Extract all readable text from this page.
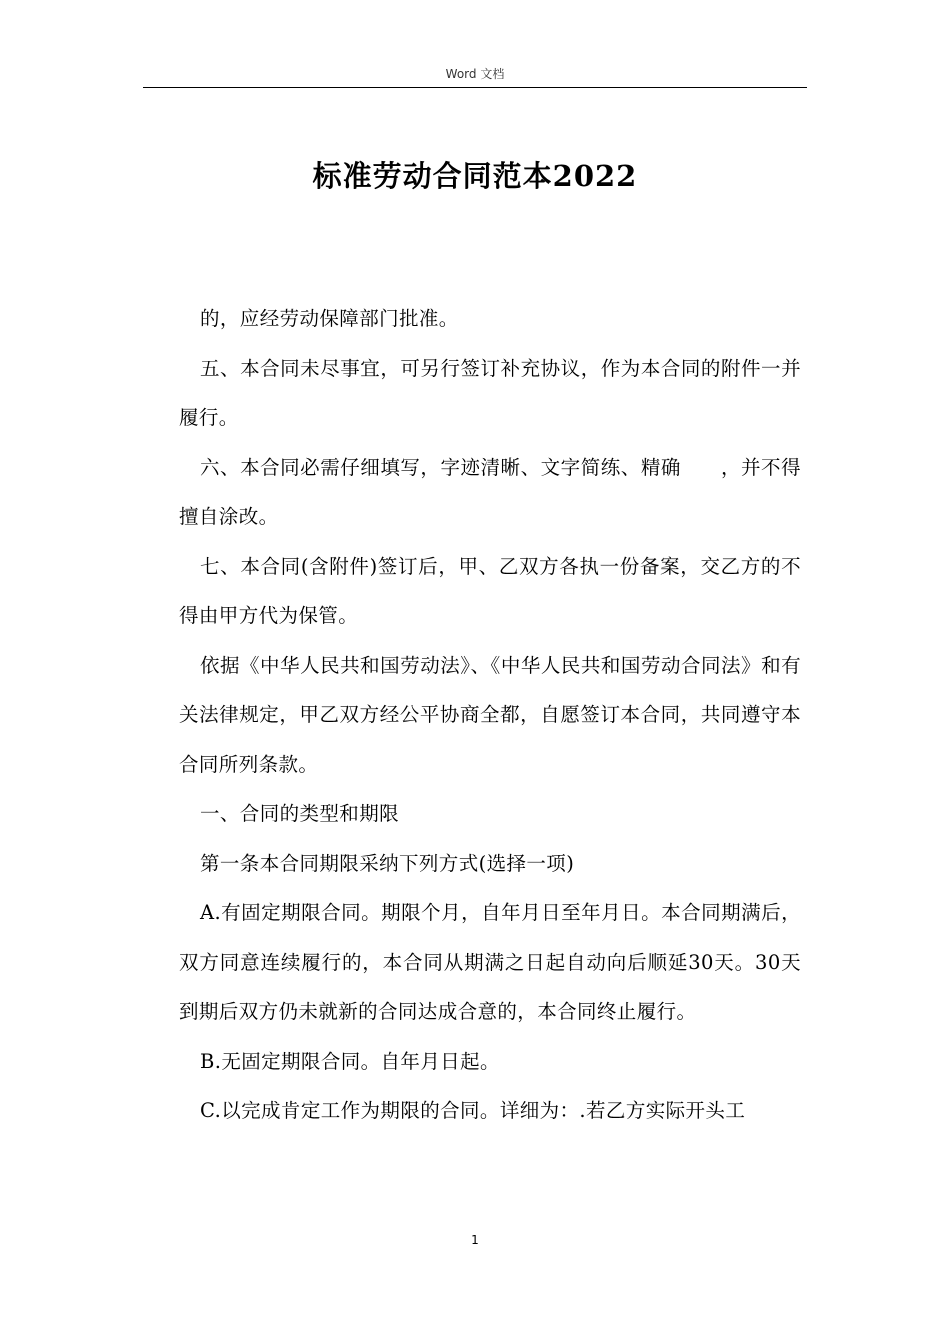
Word 文档
标准劳动合同范本2022

的，应经劳动保障部门批准。

五、本合同未尽事宜，可另行签订补充协议，作为本合同的附件一并履行。

六、本合同必需仔细填写，字迹清晰、文字简练、精确　　，并不得擅自涂改。

七、本合同(含附件)签订后，甲、乙双方各执一份备案，交乙方的不得由甲方代为保管。

依据《中华人民共和国劳动法》、《中华人民共和国劳动合同法》和有关法律规定，甲乙双方经公平协商全都，自愿签订本合同，共同遵守本合同所列条款。

一、合同的类型和期限

第一条本合同期限采纳下列方式(选择一项)

A.有固定期限合同。期限个月，自年月日至年月日。本合同期满后，双方同意连续履行的，本合同从期满之日起自动向后顺延30天。30天到期后双方仍未就新的合同达成合意的，本合同终止履行。

B.无固定期限合同。自年月日起。

C.以完成肯定工作为期限的合同。详细为：.若乙方实际开头工

1
